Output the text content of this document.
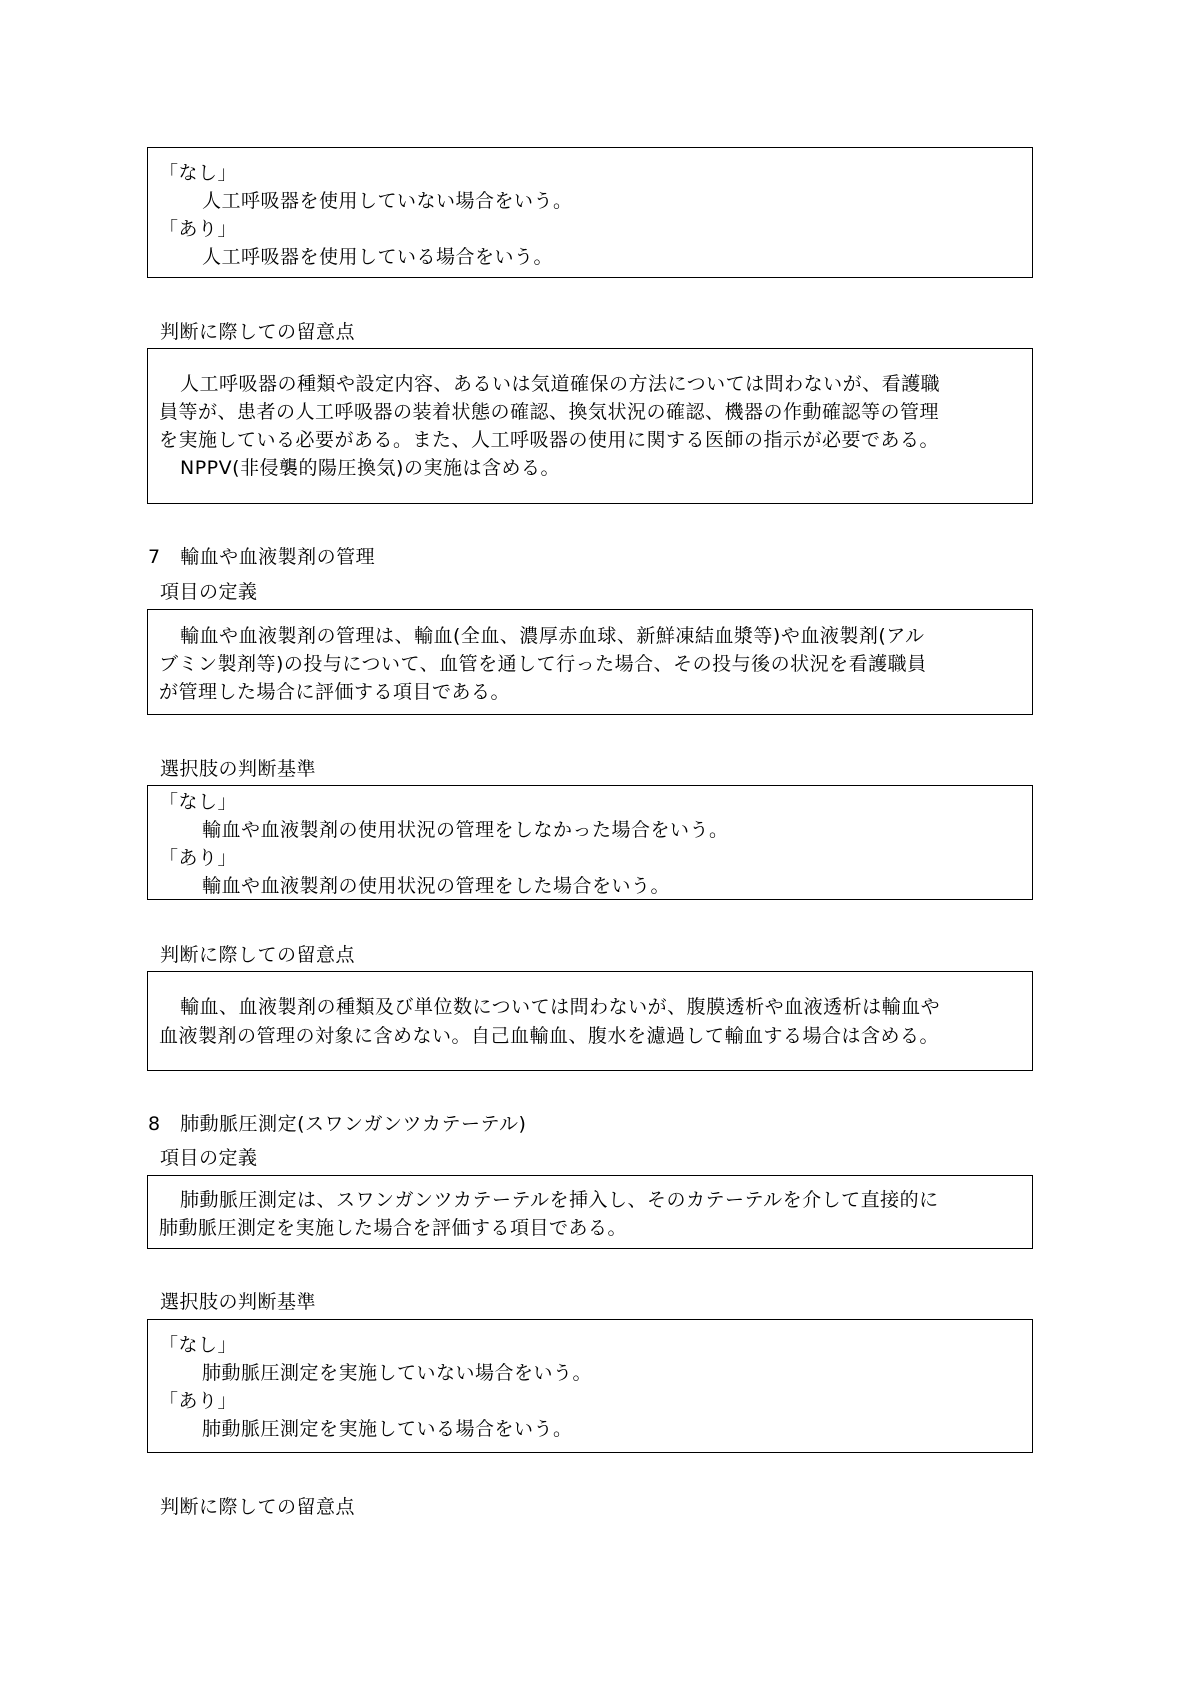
「なし」
人工呼吸器を使用していない場合をいう。
「あり」
人工呼吸器を使用している場合をいう。
判断に際しての留意点
人工呼吸器の種類や設定内容、あるいは気道確保の方法については問わないが、看護職
員等が、患者の人工呼吸器の装着状態の確認、換気状況の確認、機器の作動確認等の管理
を実施している必要がある。また、人工呼吸器の使用に関する医師の指示が必要である。
NPPV(非侵襲的陽圧換気)の実施は含める。
7　輸血や血液製剤の管理
項目の定義
輸血や血液製剤の管理は、輸血(全血、濃厚赤血球、新鮮凍結血漿等)や血液製剤(アル
ブミン製剤等)の投与について、血管を通して行った場合、その投与後の状況を看護職員
が管理した場合に評価する項目である。
選択肢の判断基準
「なし」
輸血や血液製剤の使用状況の管理をしなかった場合をいう。
「あり」
輸血や血液製剤の使用状況の管理をした場合をいう。
判断に際しての留意点
輸血、血液製剤の種類及び単位数については問わないが、腹膜透析や血液透析は輸血や
血液製剤の管理の対象に含めない。自己血輸血、腹水を濾過して輸血する場合は含める。
8　肺動脈圧測定(スワンガンツカテーテル)
項目の定義
肺動脈圧測定は、スワンガンツカテーテルを挿入し、そのカテーテルを介して直接的に
肺動脈圧測定を実施した場合を評価する項目である。
選択肢の判断基準
「なし」
肺動脈圧測定を実施していない場合をいう。
「あり」
肺動脈圧測定を実施している場合をいう。
判断に際しての留意点
